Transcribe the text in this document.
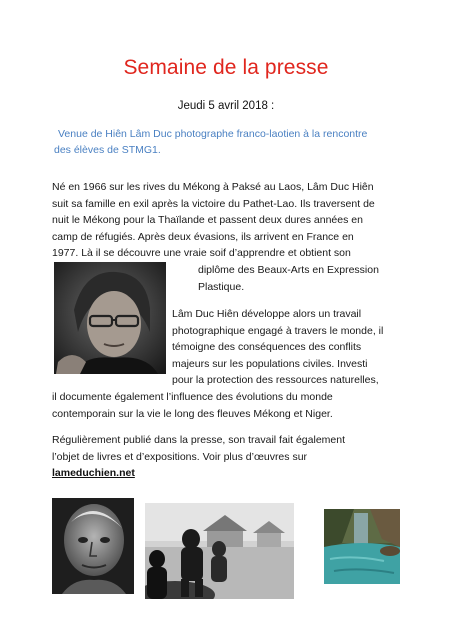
Semaine de la presse
Jeudi 5 avril 2018 :
Venue de Hiên Lâm Duc photographe franco-laotien à la rencontre
des élèves de STMG1.
Né en 1966 sur les rives du Mékong à Paksé au Laos, Lâm Duc Hiên
suit sa famille en exil après la victoire du Pathet-Lao. Ils traversent de
nuit le Mékong pour la Thaïlande et passent deux dures années en
camp de réfugiés. Après deux évasions, ils arrivent en France en
1977. Là il se découvre une vraie soif d’apprendre et obtient son
diplôme des Beaux-Arts en Expression
Plastique.
Lâm Duc Hiên développe alors un travail
photographique engagé à travers le monde, il
témoigne des conséquences des conflits
majeurs sur les populations civiles. Investi
pour la protection des ressources naturelles,
il documente également l’influence des évolutions du monde
contemporain sur la vie le long des fleuves Mékong et Niger.
Régulièrement publié dans la presse, son travail fait également
l’objet de livres et d’expositions. Voir plus d’œuvres sur
lameduchien.net
